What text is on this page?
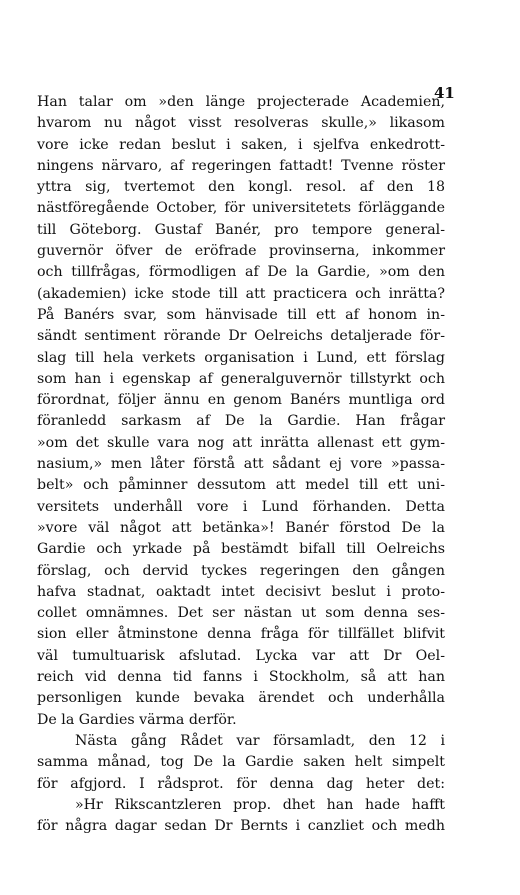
41
Han talar om »den länge projecterade Academien,
hvarom nu något visst resolveras skulle,» likasom
vore icke redan beslut i saken, i sjelfva enkedrott-
ningens närvaro, af regeringen fattadt! Tvenne röster
yttra sig, tvertemot den kongl. resol. af den 18
nästföregående October, för universitetets förläggande
till Göteborg. Gustaf Banér, pro tempore general-
guvernör öfver de eröfrade provinserna, inkommer
och tillfrågas, förmodligen af De la Gardie, »om den
(akademien) icke stode till att practicera och inrätta?
På Banérs svar, som hänvisade till ett af honom in-
sändt sentiment rörande Dr Oelreichs detaljerade för-
slag till hela verkets organisation i Lund, ett förslag
som han i egenskap af generalguvernör tillstyrkt och
förordnat, följer ännu en genom Banérs muntliga ord
föranledd sarkasm af De la Gardie. Han frågar
»om det skulle vara nog att inrätta allenast ett gym-
nasium,» men låter förstå att sådant ej vore »passa-
belt» och påminner dessutom att medel till ett uni-
versitets underhåll vore i Lund förhanden. Detta
»vore väl något att betänka»! Banér förstod De la
Gardie och yrkade på bestämdt bifall till Oelreichs
förslag, och dervid tyckes regeringen den gången
hafva stadnat, oaktadt intet decisivt beslut i proto-
collet omnämnes. Det ser nästan ut som denna ses-
sion eller åtminstone denna fråga för tillfället blifvit
väl tumultuarisk afslutad. Lycka var att Dr Oel-
reich vid denna tid fanns i Stockholm, så att han
personligen kunde bevaka ärendet och underhålla
De la Gardies värma derför.
Nästa gång Rådet var församladt, den 12 i
samma månad, tog De la Gardie saken helt simpelt
för afgjord. I rådsprot. för denna dag heter det:
»Hr Rikscantzleren prop. dhet han hade hafft
för några dagar sedan Dr Bernts i canzliet och medh
